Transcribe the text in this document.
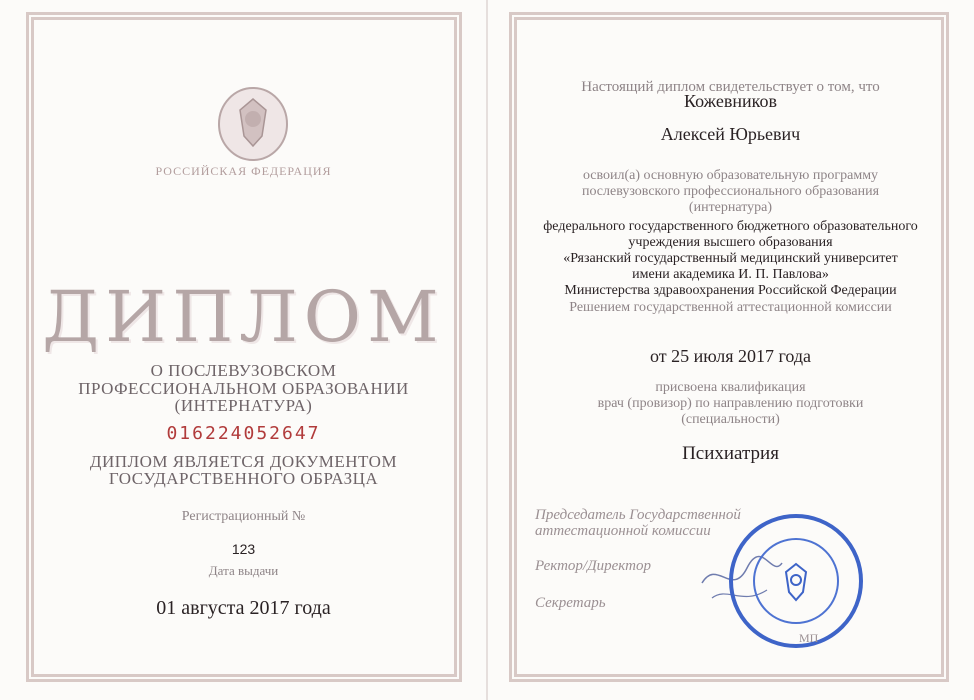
РОССИЙСКАЯ ФЕДЕРАЦИЯ
ДИПЛОМ
О ПОСЛЕВУЗОВСКОМ
ПРОФЕССИОНАЛЬНОМ ОБРАЗОВАНИИ
(ИНТЕРНАТУРА)
016224052647
ДИПЛОМ ЯВЛЯЕТСЯ ДОКУМЕНТОМ
ГОСУДАРСТВЕННОГО ОБРАЗЦА
Регистрационный №
123
Дата выдачи
01 августа 2017 года
Настоящий диплом свидетельствует о том, что
Кожевников
Алексей Юрьевич
освоил(а) основную образовательную программу
послевузовского профессионального образования
(интернатура)
федерального государственного бюджетного образовательного
учреждения высшего образования
«Рязанский государственный медицинский университет
имени академика И. П. Павлова»
Министерства здравоохранения Российской Федерации
Решением государственной аттестационной комиссии
от 25 июля 2017 года
присвоена квалификация
врач (провизор) по направлению подготовки
(специальности)
Психиатрия
Председатель Государственной
аттестационной комиссии
Ректор/Директор
Секретарь
МП
